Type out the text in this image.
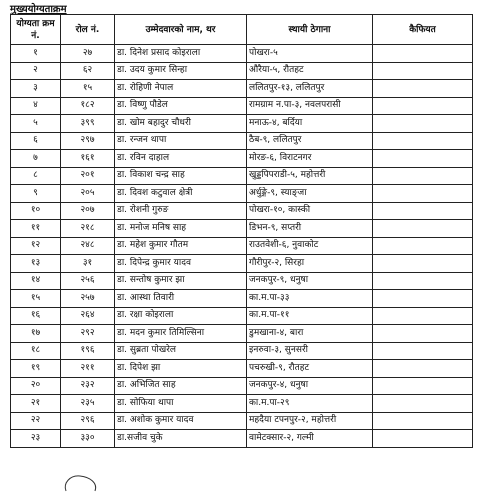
मुख्ययोग्यताक्रम
योग्यता क्रम नं.	रोल नं.	उम्मेदवारको नाम, थर	स्थायी ठेगाना	कैफियत
१	२७	डा. दिनेश प्रसाद कोइराला	पोखरा-५	
२	६२	डा. उदय कुमार सिन्हा	औरैया-५, रौतहट	
३	१५	डा. रोहिणी नेपाल	ललितपुर-१३, ललितपुर	
४	१८२	डा. विष्णु पौडेल	रामग्राम न.पा-३, नवलपरासी	
५	३९९	डा. खोम बहादुर चौधरी	मनाऊ-४, बर्दिया	
६	२९७	डा. रन्जन थापा	ठैब-९, ललितपुर	
७	१६१	डा. रविन दाहाल	मोरङ-६, विराटनगर	
८	२०१	डा. विकाश चन्द्र साह	खुड्डपिपराडी-५, महोत्तरी	
९	२०५	डा. दिवश कटुवाल क्षेत्री	अर्धुङ्गे-९, स्याङ्जा	
१०	२०७	डा. रोशनी गुरुङ	पोखरा-१०, कास्की	
११	२१८	डा. मनोज मनिष साह	डिभन-९, सप्तरी	
१२	२४८	डा. महेश कुमार गौतम	राउतवेशी-६, नुवाकोट	
१३	३१	डा. दिपेन्द्र कुमार यादव	गौरीपुर-२, सिरहा	
१४	२५६	डा. सन्तोष कुमार झा	जनकपुर-९, धनुषा	
१५	२५७	डा. आस्था तिवारी	का.म.पा-३३	
१६	२६४	डा. रक्षा कोइराला	का.म.पा-११	
१७	२९२	डा. मदन कुमार तिमिल्सिना	डुमखाना-४, बारा	
१८	१९६	डा. सुब्रता पोखरेल	इनरुवा-३, सुनसरी	
१९	२११	डा. दिपेश झा	पचरुखी-९, रौतहट	
२०	२३२	डा. अभिजित साह	जनकपुर-४, धनुषा	
२१	२३५	डा. सोफिया थापा	का.म.पा-२९	
२२	२९६	डा. अशोक कुमार यादव	महदैया टपनपुर-२, महोत्तरी	
२३	३३०	डा.सजीव चुके	वामेटक्सार-२, गल्मी	
